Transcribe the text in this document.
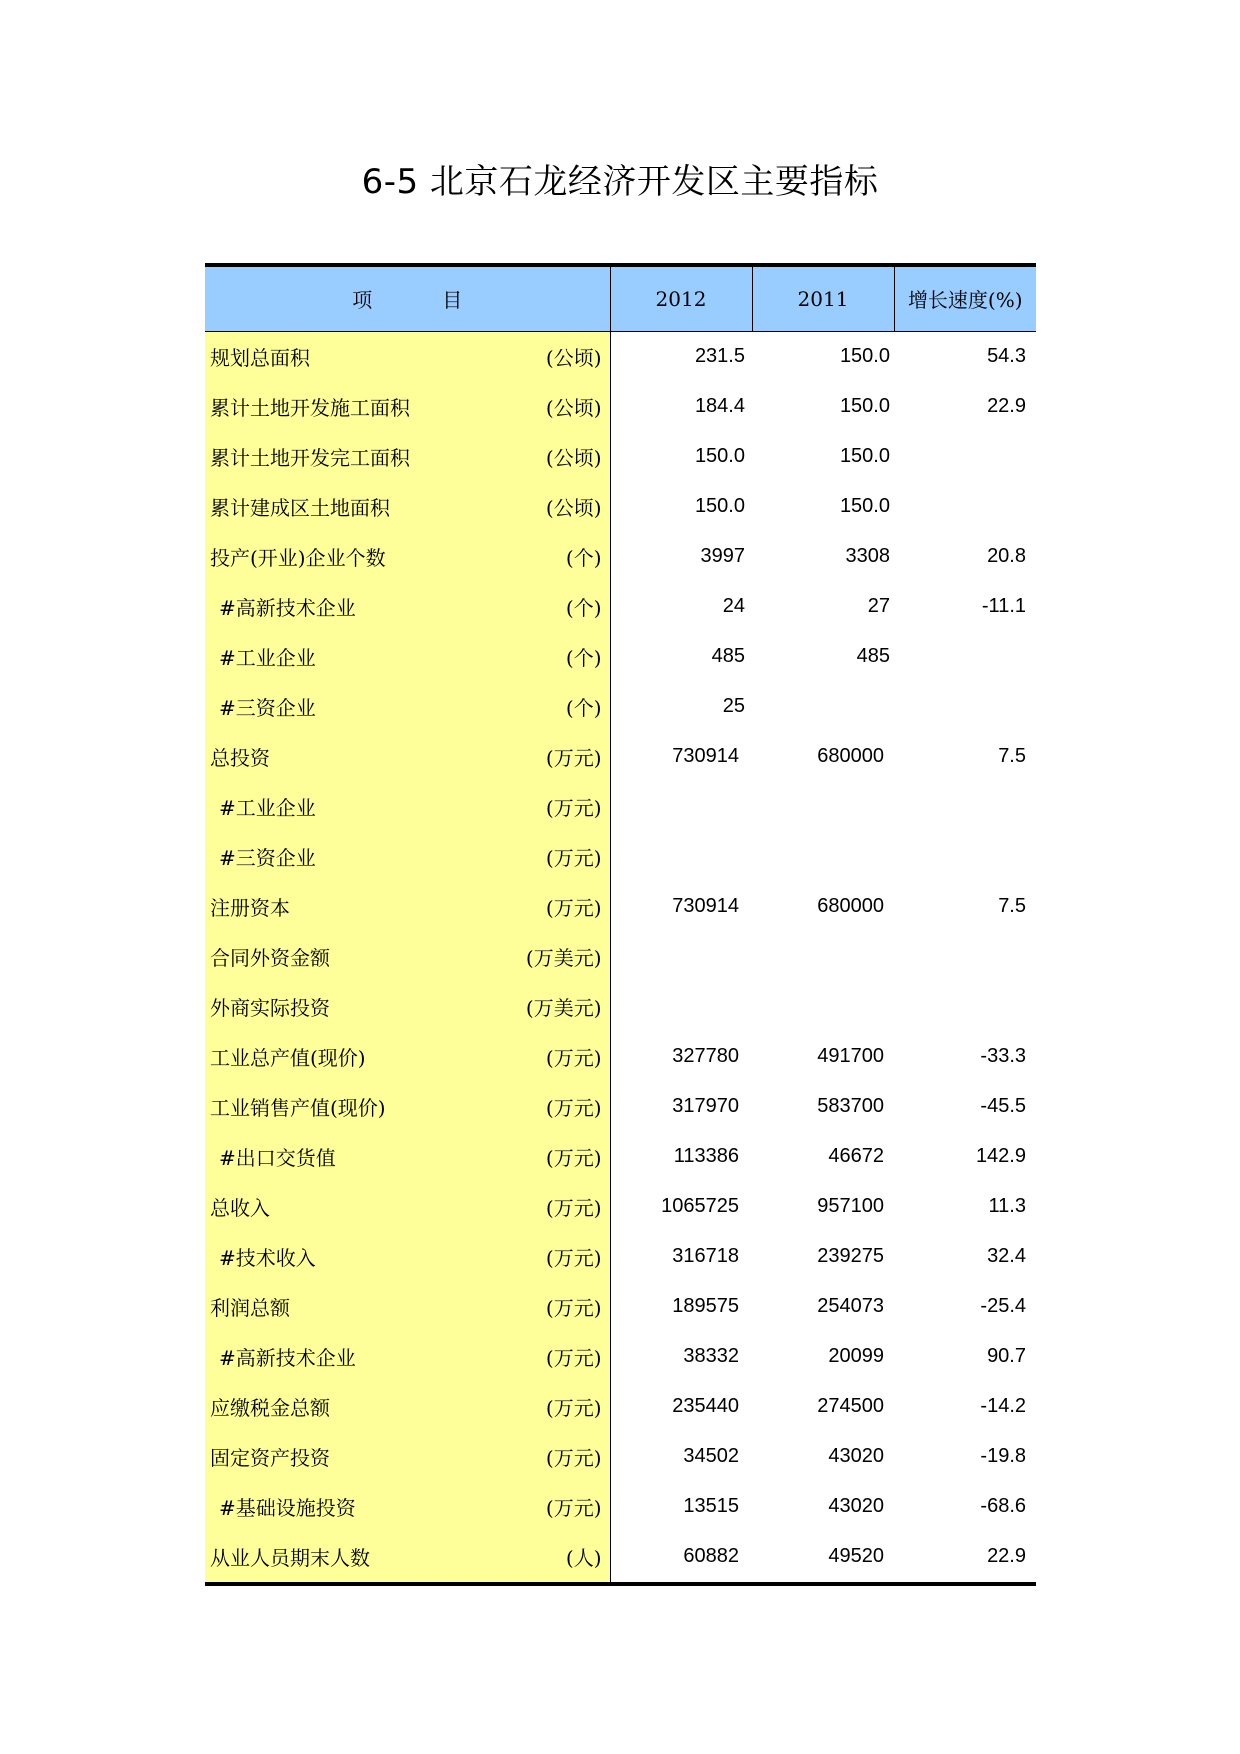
6-5 北京石龙经济开发区主要指标
项 目	2012	2011	增长速度(%)

规划总面积 (公顷)	231.5	150.0	54.3

累计土地开发施工面积 (公顷)	184.4	150.0	22.9

累计土地开发完工面积 (公顷)	150.0	150.0	

累计建成区土地面积 (公顷)	150.0	150.0	

投产(开业)企业个数 (个)	3997	3308	20.8

#高新技术企业 (个)	24	27	-11.1

#工业企业 (个)	485	485	

#三资企业 (个)	25		

总投资 (万元)	730914	680000	7.5

#工业企业 (万元)			

#三资企业 (万元)			

注册资本 (万元)	730914	680000	7.5

合同外资金额 (万美元)			

外商实际投资 (万美元)			

工业总产值(现价) (万元)	327780	491700	-33.3

工业销售产值(现价) (万元)	317970	583700	-45.5

#出口交货值 (万元)	113386	46672	142.9

总收入 (万元)	1065725	957100	11.3

#技术收入 (万元)	316718	239275	32.4

利润总额 (万元)	189575	254073	-25.4

#高新技术企业 (万元)	38332	20099	90.7

应缴税金总额 (万元)	235440	274500	-14.2

固定资产投资 (万元)	34502	43020	-19.8

#基础设施投资 (万元)	13515	43020	-68.6

从业人员期末人数 (人)	60882	49520	22.9
